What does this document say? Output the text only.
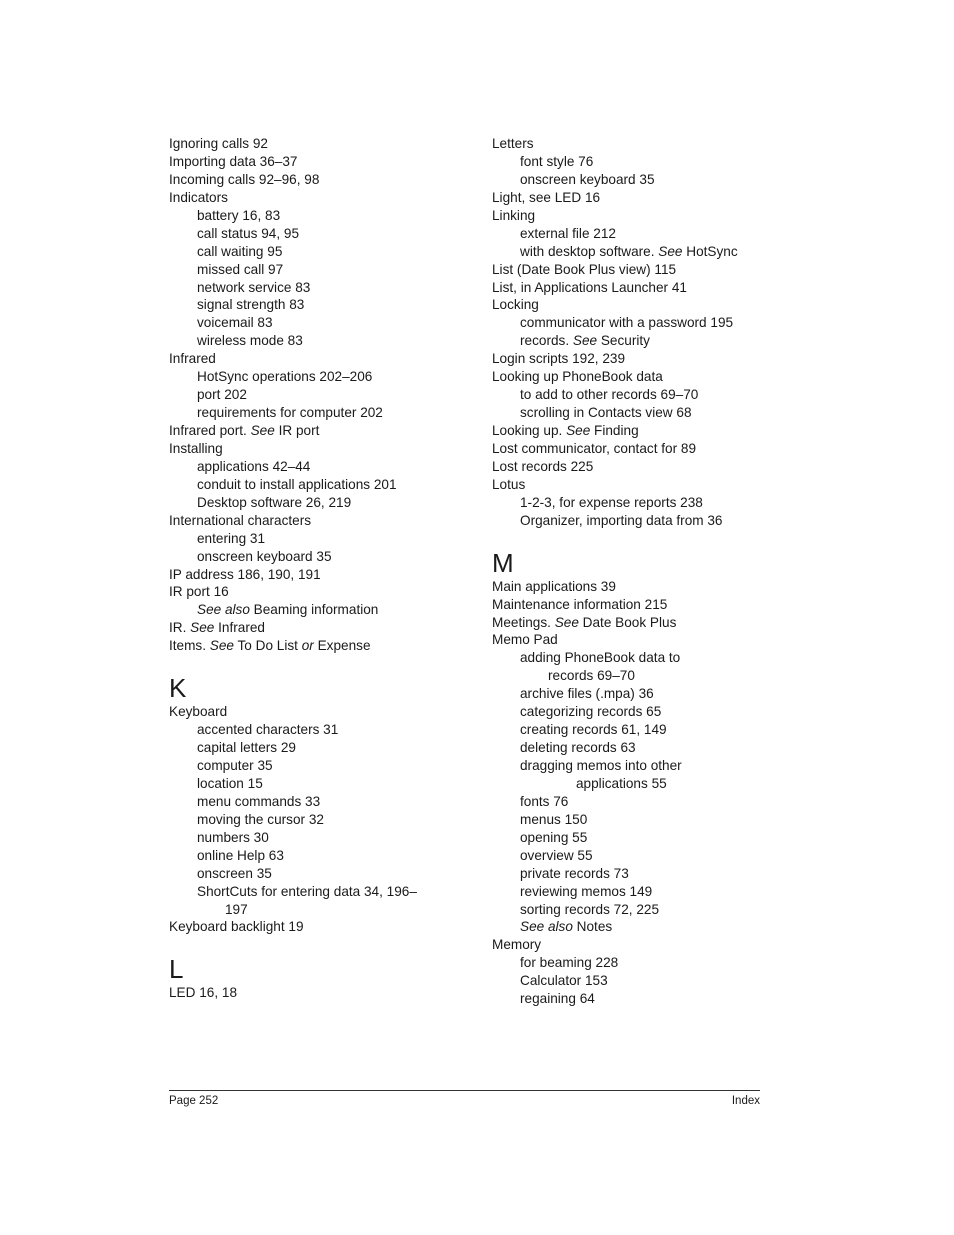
Ignoring calls 92
Importing data 36–37
Incoming calls 92–96, 98
Indicators
battery 16, 83
call status 94, 95
call waiting 95
missed call 97
network service 83
signal strength 83
voicemail 83
wireless mode 83
Infrared
HotSync operations 202–206
port 202
requirements for computer 202
Infrared port. See IR port
Installing
applications 42–44
conduit to install applications 201
Desktop software 26, 219
International characters
entering 31
onscreen keyboard 35
IP address 186, 190, 191
IR port 16
See also Beaming information
IR. See Infrared
Items. See To Do List or Expense
K
Keyboard
accented characters 31
capital letters 29
computer 35
location 15
menu commands 33
moving the cursor 32
numbers 30
online Help 63
onscreen 35
ShortCuts for entering data 34, 196–
197
Keyboard backlight 19
L
LED 16, 18
Letters
font style 76
onscreen keyboard 35
Light, see LED 16
Linking
external file 212
with desktop software. See HotSync
List (Date Book Plus view) 115
List, in Applications Launcher 41
Locking
communicator with a password 195
records. See Security
Login scripts 192, 239
Looking up PhoneBook data
to add to other records 69–70
scrolling in Contacts view 68
Looking up. See Finding
Lost communicator, contact for 89
Lost records 225
Lotus
1-2-3, for expense reports 238
Organizer, importing data from 36
M
Main applications 39
Maintenance information 215
Meetings. See Date Book Plus
Memo Pad
adding PhoneBook data to
records 69–70
archive files (.mpa) 36
categorizing records 65
creating records 61, 149
deleting records 63
dragging memos into other
applications 55
fonts 76
menus 150
opening 55
overview 55
private records 73
reviewing memos 149
sorting records 72, 225
See also Notes
Memory
for beaming 228
Calculator 153
regaining 64
Page 252	Index
